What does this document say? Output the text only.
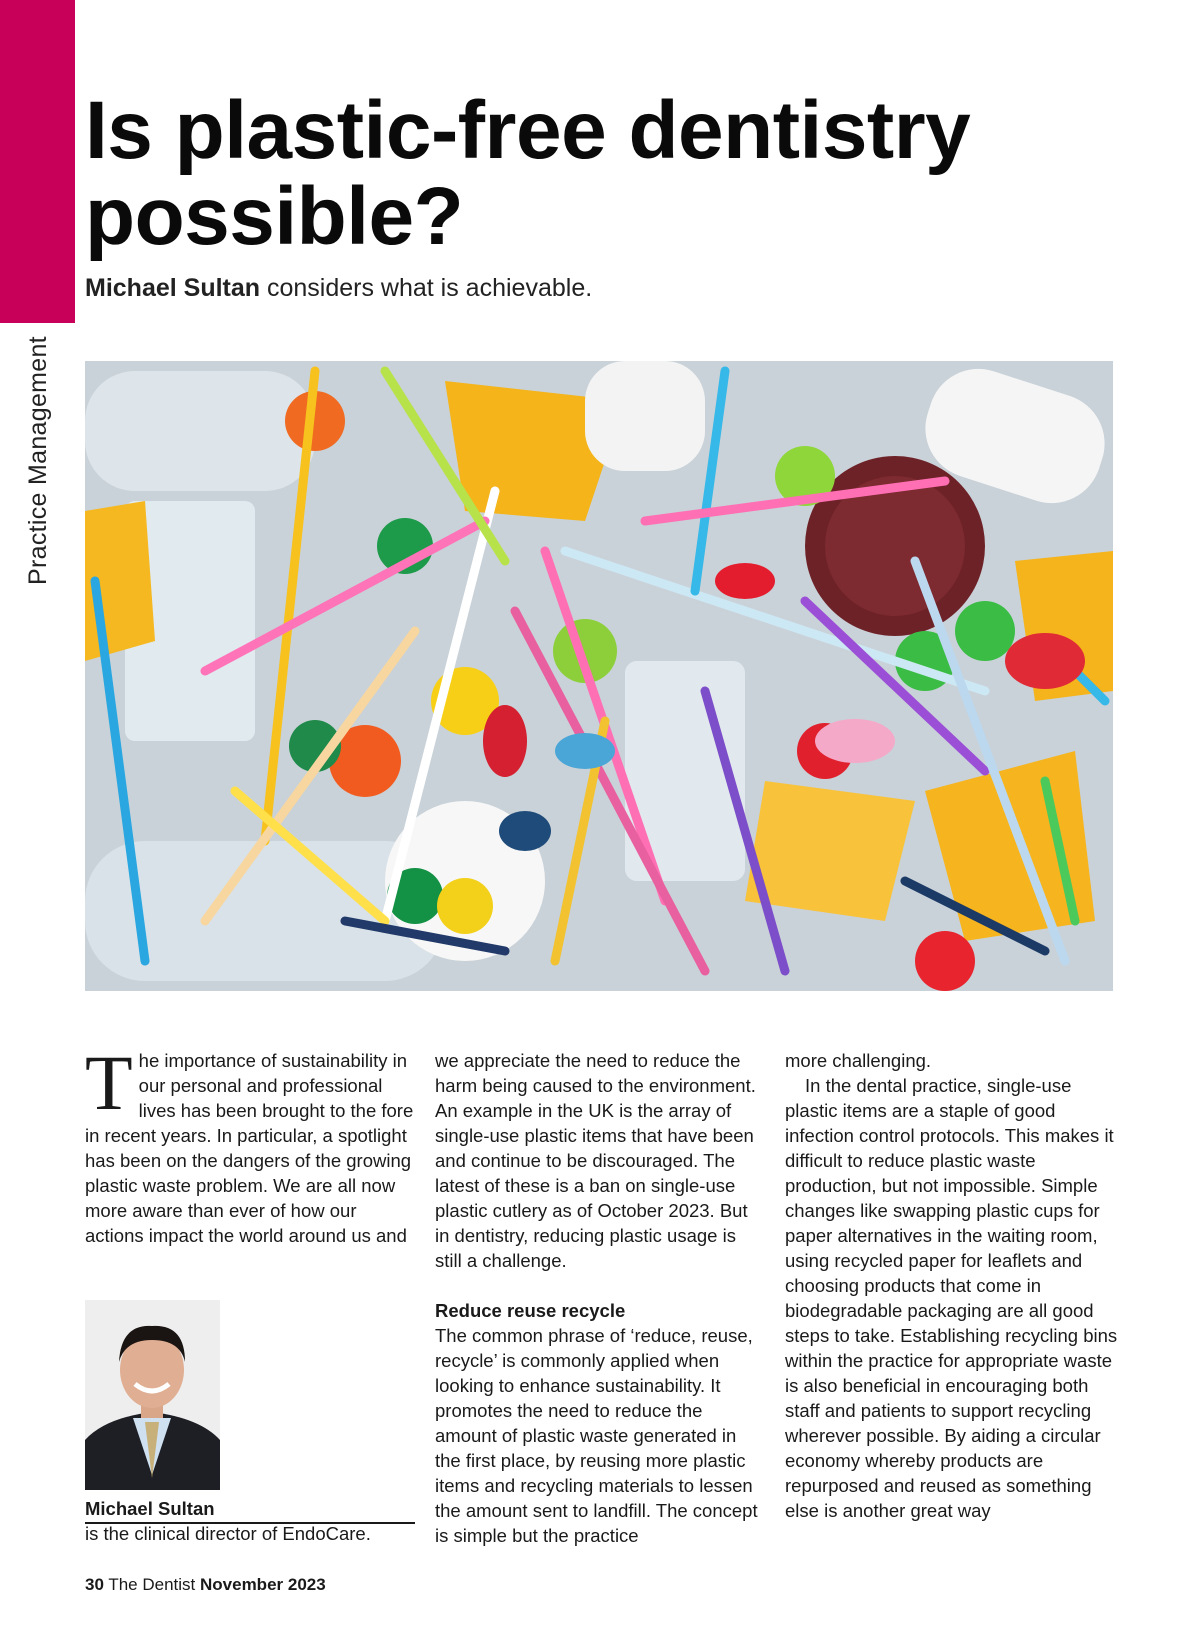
Practice Management
Is plastic-free dentistry possible?

Michael Sultan considers what is achievable.

The importance of sustainability in our personal and professional lives has been brought to the fore in recent years. In particular, a spotlight has been on the dangers of the growing plastic waste problem. We are all now more aware than ever of how our actions impact the world around us and

we appreciate the need to reduce the harm being caused to the environment. An example in the UK is the array of single-use plastic items that have been and continue to be discouraged. The latest of these is a ban on single-use plastic cutlery as of October 2023. But in dentistry, reducing plastic usage is still a challenge.

Reduce reuse recycle

The common phrase of ‘reduce, reuse, recycle’ is commonly applied when looking to enhance sustainability. It promotes the need to reduce the amount of plastic waste generated in the first place, by reusing more plastic items and recycling materials to lessen the amount sent to landfill. The concept is simple but the practice

more challenging.

In the dental practice, single-use plastic items are a staple of good infection control protocols. This makes it difficult to reduce plastic waste production, but not impossible. Simple changes like swapping plastic cups for paper alternatives in the waiting room, using recycled paper for leaflets and choosing products that come in biodegradable packaging are all good steps to take. Establishing recycling bins within the practice for appropriate waste is also beneficial in encouraging both staff and patients to support recycling wherever possible. By aiding a circular economy whereby products are repurposed and reused as something else is another great way

Michael Sultan
is the clinical director of EndoCare.
30 The Dentist November 2023
